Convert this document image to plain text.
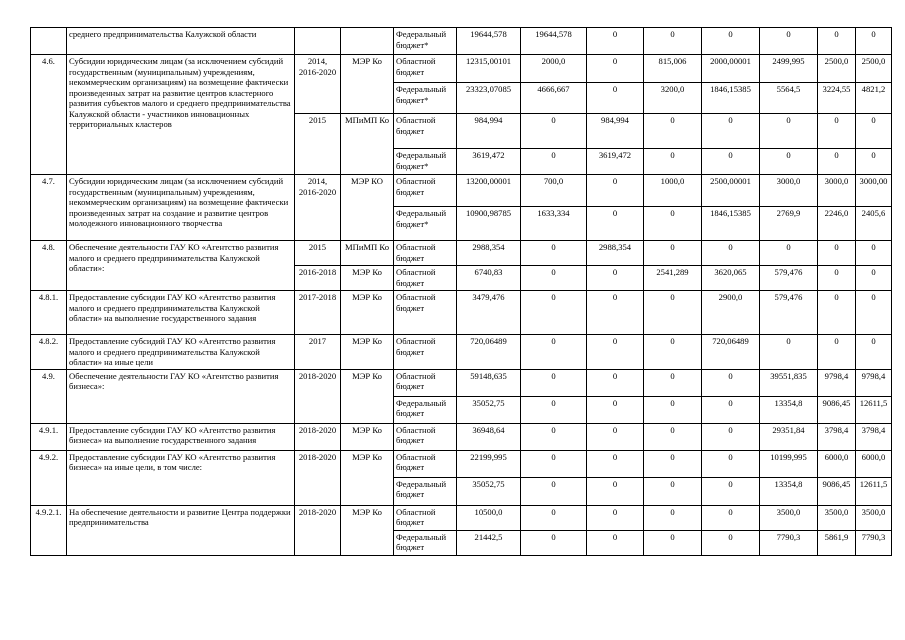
	среднего предпринимательства Калужской области			Федеральный бюджет*	19644,578	19644,578	0	0	0	0	0	0
4.6.	Субсидии юридическим лицам (за исключением субсидий государственным (муниципальным) учреждениям, некоммерческим организациям) на возмещение фактически произведенных затрат на развитие центров кластерного развития субъектов малого и среднего предпринимательства Калужской области - участников инновационных территориальных кластеров	2014, 2016-2020	МЭР Ко	Областной бюджет	12315,00101	2000,0	0	815,006	2000,00001	2499,995	2500,0	2500,0
				Федеральный бюджет*	23323,07085	4666,667	0	3200,0	1846,15385	5564,5	3224,55	4821,2
		2015	МПиМП Ко	Областной бюджет	984,994	0	984,994	0	0	0	0	0
				Федеральный бюджет*	3619,472	0	3619,472	0	0	0	0	0
4.7.	Субсидии юридическим лицам (за исключением субсидий государственным (муниципальным) учреждениям, некоммерческим организациям) на возмещение фактически произведенных затрат на создание и развитие центров молодежного инновационного творчества	2014, 2016-2020	МЭР КО	Областной бюджет	13200,00001	700,0	0	1000,0	2500,00001	3000,0	3000,0	3000,00
				Федеральный бюджет*	10900,98785	1633,334	0	0	1846,15385	2769,9	2246,0	2405,6
4.8.	Обеспечение деятельности ГАУ КО «Агентство развития малого и среднего предпринимательства Калужской области»:	2015	МПиМП Ко	Областной бюджет	2988,354	0	2988,354	0	0	0	0	0
		2016-2018	МЭР Ко	Областной бюджет	6740,83	0	0	2541,289	3620,065	579,476	0	0
4.8.1.	Предоставление субсидии ГАУ КО «Агентство развития малого и среднего предпринимательства Калужской области» на выполнение государственного задания	2017-2018	МЭР Ко	Областной бюджет	3479,476	0	0	0	2900,0	579,476	0	0
4.8.2.	Предоставление субсидий ГАУ КО «Агентство развития малого и среднего предпринимательства Калужской области» на иные цели	2017	МЭР Ко	Областной бюджет	720,06489	0	0	0	720,06489	0	0	0
4.9.	Обеспечение деятельности ГАУ КО «Агентство развития бизнеса»:	2018-2020	МЭР Ко	Областной бюджет	59148,635	0	0	0	0	39551,835	9798,4	9798,4
				Федеральный бюджет	35052,75	0	0	0	0	13354,8	9086,45	12611,5
4.9.1.	Предоставление субсидии ГАУ КО «Агентство развития бизнеса» на выполнение государственного задания	2018-2020	МЭР Ко	Областной бюджет	36948,64	0	0	0	0	29351,84	3798,4	3798,4
4.9.2.	Предоставление субсидии ГАУ КО «Агентство развития бизнеса» на иные цели, в том числе:	2018-2020	МЭР Ко	Областной бюджет	22199,995	0	0	0	0	10199,995	6000,0	6000,0
				Федеральный бюджет	35052,75	0	0	0	0	13354,8	9086,45	12611,5
4.9.2.1.	На обеспечение деятельности и развитие Центра поддержки предпринимательства	2018-2020	МЭР Ко	Областной бюджет	10500,0	0	0	0	0	3500,0	3500,0	3500,0
				Федеральный бюджет	21442,5	0	0	0	0	7790,3	5861,9	7790,3
